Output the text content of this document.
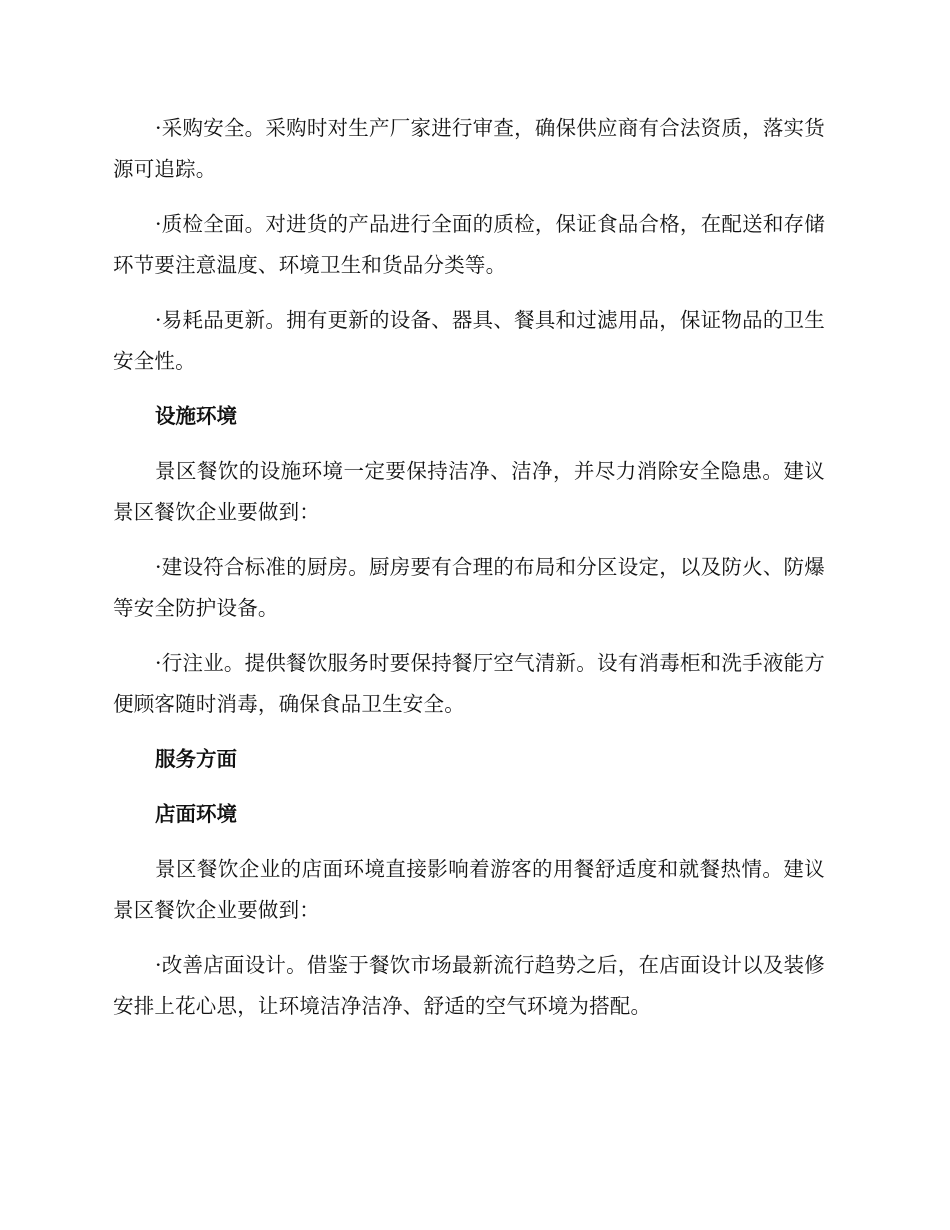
·采购安全。采购时对生产厂家进行审查，确保供应商有合法资质，落实货源可追踪。

·质检全面。对进货的产品进行全面的质检，保证食品合格，在配送和存储环节要注意温度、环境卫生和货品分类等。

·易耗品更新。拥有更新的设备、器具、餐具和过滤用品，保证物品的卫生安全性。

设施环境

景区餐饮的设施环境一定要保持洁净、洁净，并尽力消除安全隐患。建议景区餐饮企业要做到：

·建设符合标准的厨房。厨房要有合理的布局和分区设定，以及防火、防爆等安全防护设备。

·行注业。提供餐饮服务时要保持餐厅空气清新。设有消毒柜和洗手液能方便顾客随时消毒，确保食品卫生安全。

服务方面

店面环境

景区餐饮企业的店面环境直接影响着游客的用餐舒适度和就餐热情。建议景区餐饮企业要做到：

·改善店面设计。借鉴于餐饮市场最新流行趋势之后，在店面设计以及装修安排上花心思，让环境洁净洁净、舒适的空气环境为搭配。
